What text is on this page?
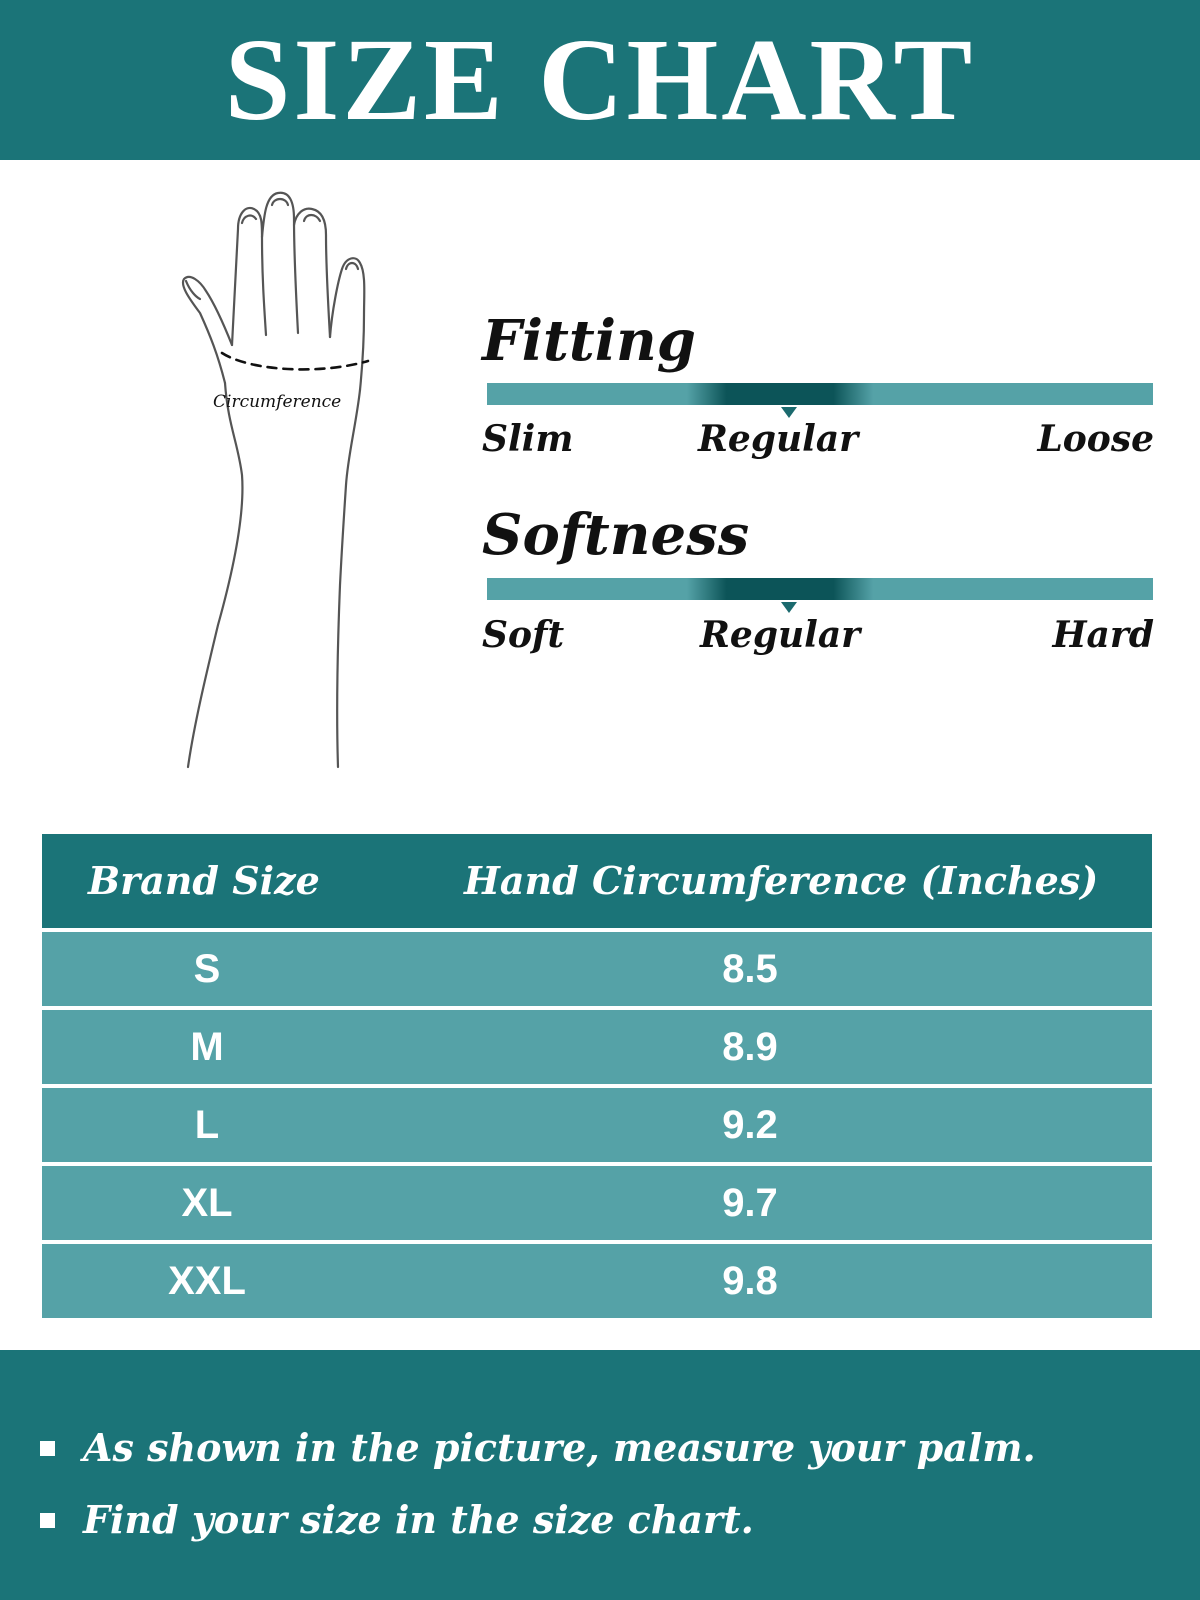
SIZE CHART
Circumference
Fitting
Slim	Regular	Loose
Softness
Soft	Regular	Hard
Brand Size	Hand Circumference (Inches)
S	8.5
M	8.9
L	9.2
XL	9.7
XXL	9.8
As shown in the picture, measure your palm.
Find your size in the size chart.
